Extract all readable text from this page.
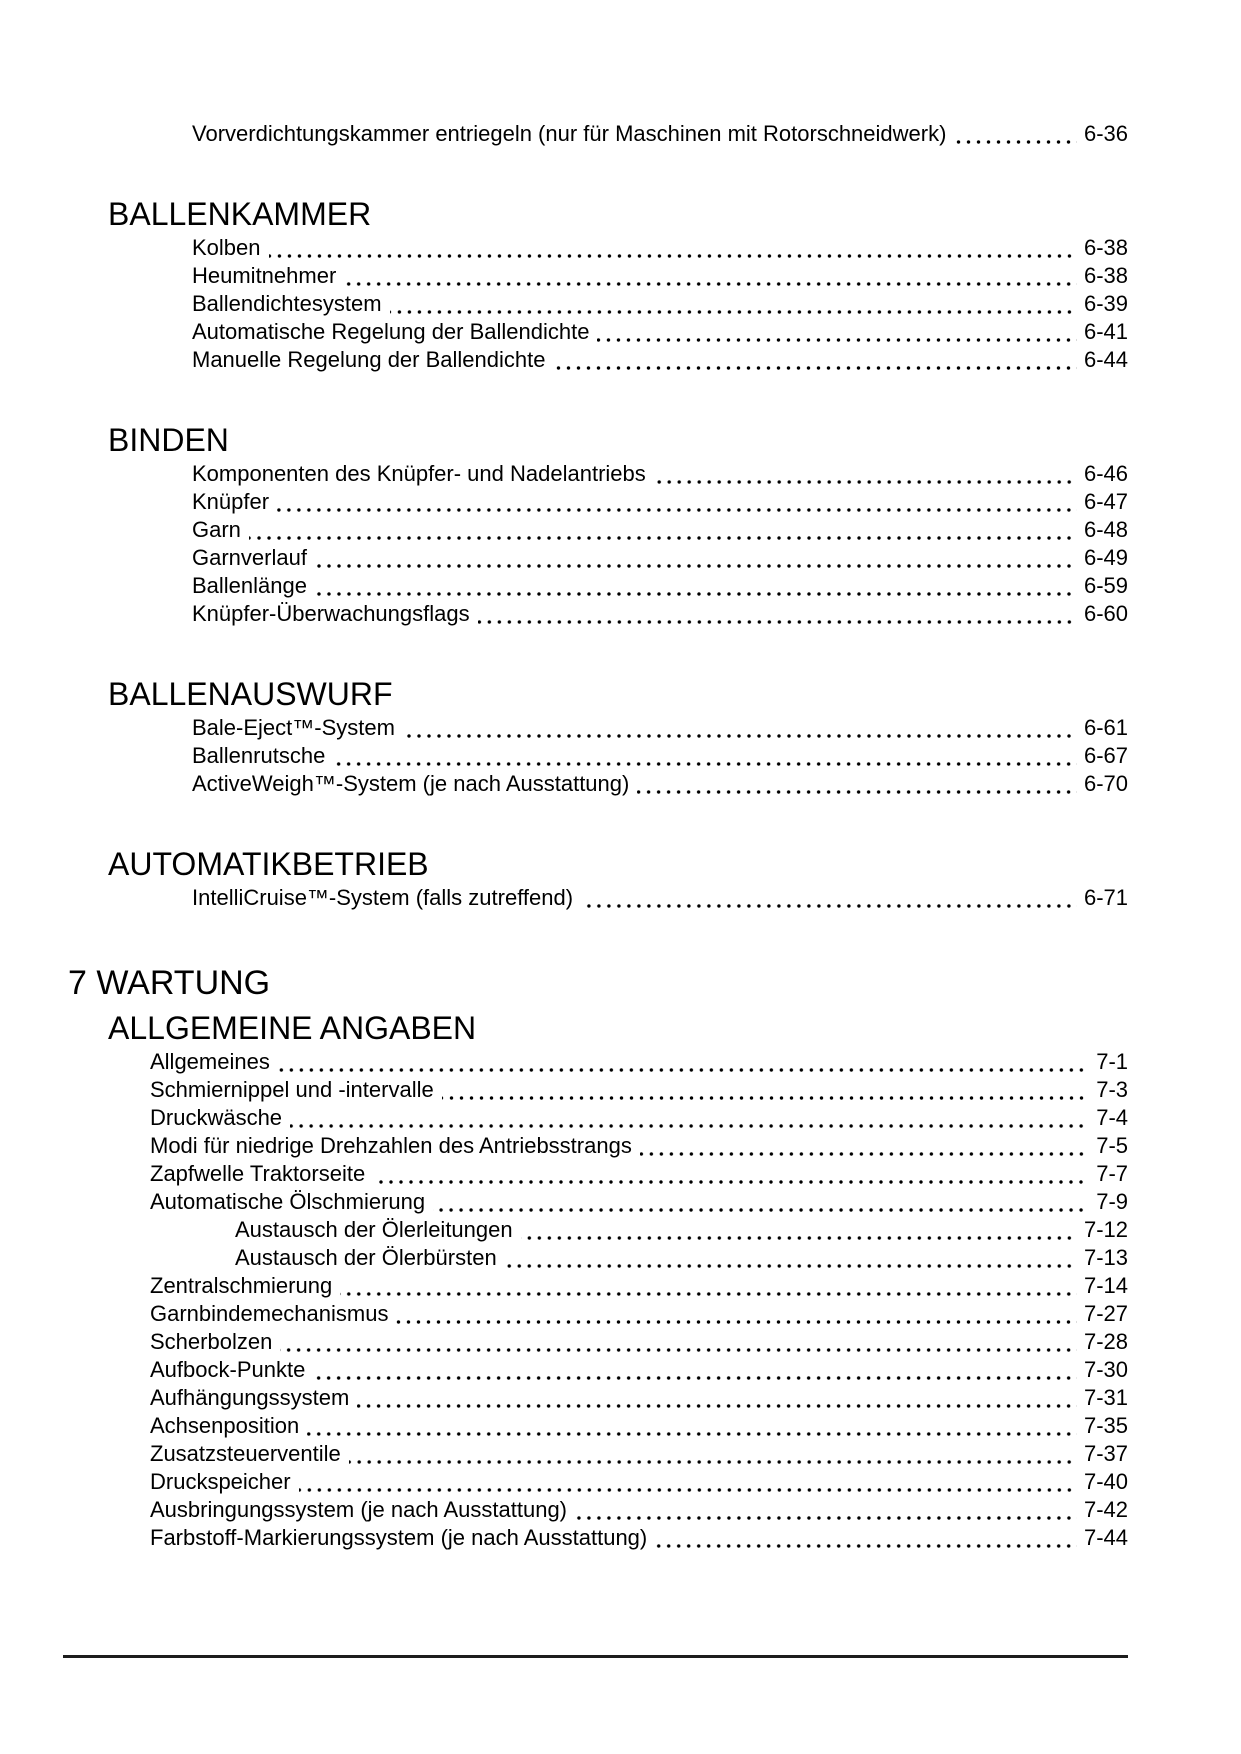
Vorverdichtungskammer entriegeln (nur für Maschinen mit Rotorschneidwerk)	6-36
BALLENKAMMER
Kolben	6-38
Heumitnehmer	6-38
Ballendichtesystem	6-39
Automatische Regelung der Ballendichte	6-41
Manuelle Regelung der Ballendichte	6-44
BINDEN
Komponenten des Knüpfer- und Nadelantriebs	6-46
Knüpfer	6-47
Garn	6-48
Garnverlauf	6-49
Ballenlänge	6-59
Knüpfer-Überwachungsflags	6-60
BALLENAUSWURF
Bale-Eject™-System	6-61
Ballenrutsche	6-67
ActiveWeigh™-System (je nach Ausstattung)	6-70
AUTOMATIKBETRIEB
IntelliCruise™-System (falls zutreffend)	6-71
7 WARTUNG
ALLGEMEINE ANGABEN
Allgemeines	7-1
Schmiernippel und -intervalle	7-3
Druckwäsche	7-4
Modi für niedrige Drehzahlen des Antriebsstrangs	7-5
Zapfwelle Traktorseite	7-7
Automatische Ölschmierung	7-9
Austausch der Ölerleitungen	7-12
Austausch der Ölerbürsten	7-13
Zentralschmierung	7-14
Garnbindemechanismus	7-27
Scherbolzen	7-28
Aufbock-Punkte	7-30
Aufhängungssystem	7-31
Achsenposition	7-35
Zusatzsteuerventile	7-37
Druckspeicher	7-40
Ausbringungssystem (je nach Ausstattung)	7-42
Farbstoff-Markierungssystem (je nach Ausstattung)	7-44
